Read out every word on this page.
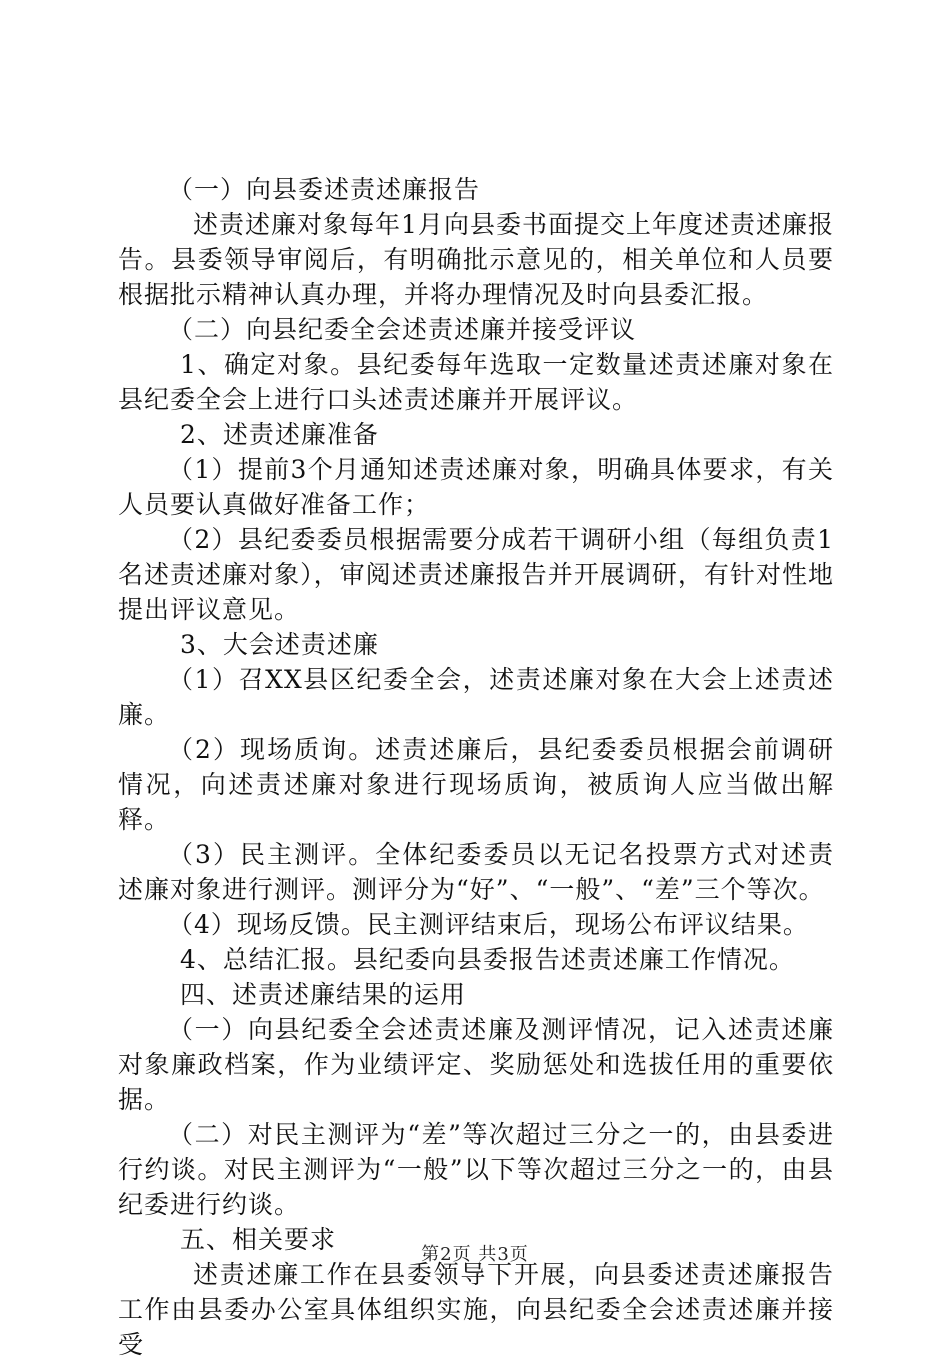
（一）向县委述责述廉报告

述责述廉对象每年1月向县委书面提交上年度述责述廉报告。县委领导审阅后，有明确批示意见的，相关单位和人员要根据批示精神认真办理，并将办理情况及时向县委汇报。

（二）向县纪委全会述责述廉并接受评议

1、确定对象。县纪委每年选取一定数量述责述廉对象在县纪委全会上进行口头述责述廉并开展评议。

2、述责述廉准备

（1）提前3个月通知述责述廉对象，明确具体要求，有关人员要认真做好准备工作；

（2）县纪委委员根据需要分成若干调研小组（每组负责1名述责述廉对象），审阅述责述廉报告并开展调研，有针对性地提出评议意见。

3、大会述责述廉

（1）召XX县区纪委全会，述责述廉对象在大会上述责述廉。

（2）现场质询。述责述廉后，县纪委委员根据会前调研情况，向述责述廉对象进行现场质询，被质询人应当做出解释。

（3）民主测评。全体纪委委员以无记名投票方式对述责述廉对象进行测评。测评分为“好”、“一般”、“差”三个等次。

（4）现场反馈。民主测评结束后，现场公布评议结果。

4、总结汇报。县纪委向县委报告述责述廉工作情况。

四、述责述廉结果的运用

（一）向县纪委全会述责述廉及测评情况，记入述责述廉对象廉政档案，作为业绩评定、奖励惩处和选拔任用的重要依据。

（二）对民主测评为“差”等次超过三分之一的，由县委进行约谈。对民主测评为“一般”以下等次超过三分之一的，由县纪委进行约谈。

五、相关要求

述责述廉工作在县委领导下开展，向县委述责述廉报告工作由县委办公室具体组织实施，向县纪委全会述责述廉并接受

第2页 共3页
